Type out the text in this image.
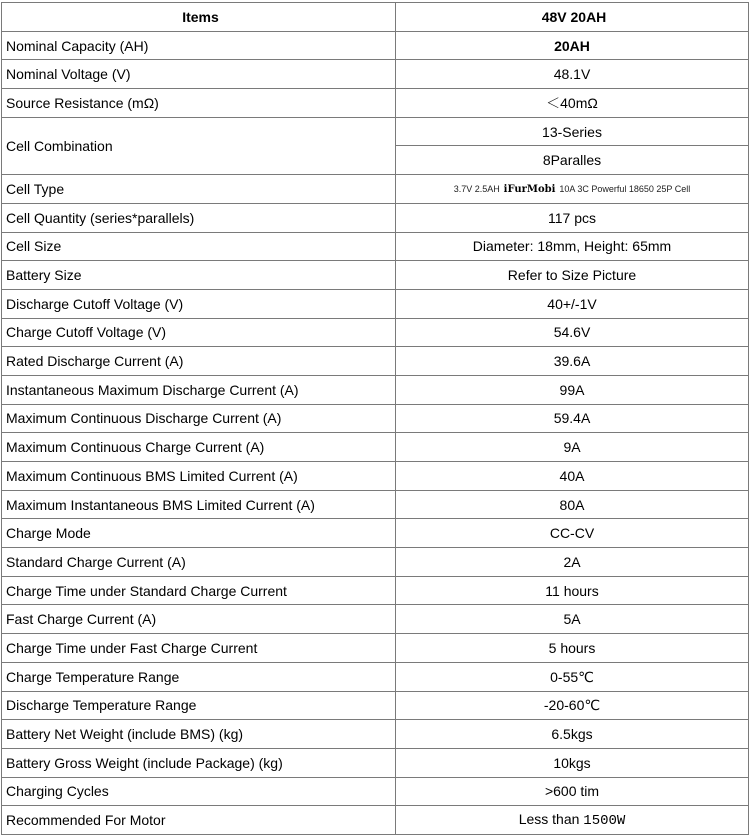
Items	48V 20AH
Nominal Capacity (AH)	20AH
Nominal Voltage (V)	48.1V
Source Resistance (mΩ)	＜40mΩ
Cell Combination	13-Series
	8Paralles
Cell Type	3.7V 2.5AH iFurMobi 10A 3C Powerful 18650 25P Cell
Cell Quantity (series*parallels)	117 pcs
Cell Size	Diameter: 18mm, Height: 65mm
Battery Size	Refer to Size Picture
Discharge Cutoff Voltage (V)	40+/-1V
Charge Cutoff Voltage (V)	54.6V
Rated Discharge Current (A)	39.6A
Instantaneous Maximum Discharge Current (A)	99A
Maximum Continuous Discharge Current (A)	59.4A
Maximum Continuous Charge Current (A)	9A
Maximum Continuous BMS Limited Current (A)	40A
Maximum Instantaneous BMS Limited Current (A)	80A
Charge Mode	CC-CV
Standard Charge Current (A)	2A
Charge Time under Standard Charge Current	11 hours
Fast Charge Current (A)	5A
Charge Time under Fast Charge Current	5 hours
Charge Temperature Range	0-55℃
Discharge Temperature Range	-20-60℃
Battery Net Weight (include BMS) (kg)	6.5kgs
Battery Gross Weight (include Package) (kg)	10kgs
Charging Cycles	>600 tim
Recommended For Motor	Less than 1500W
